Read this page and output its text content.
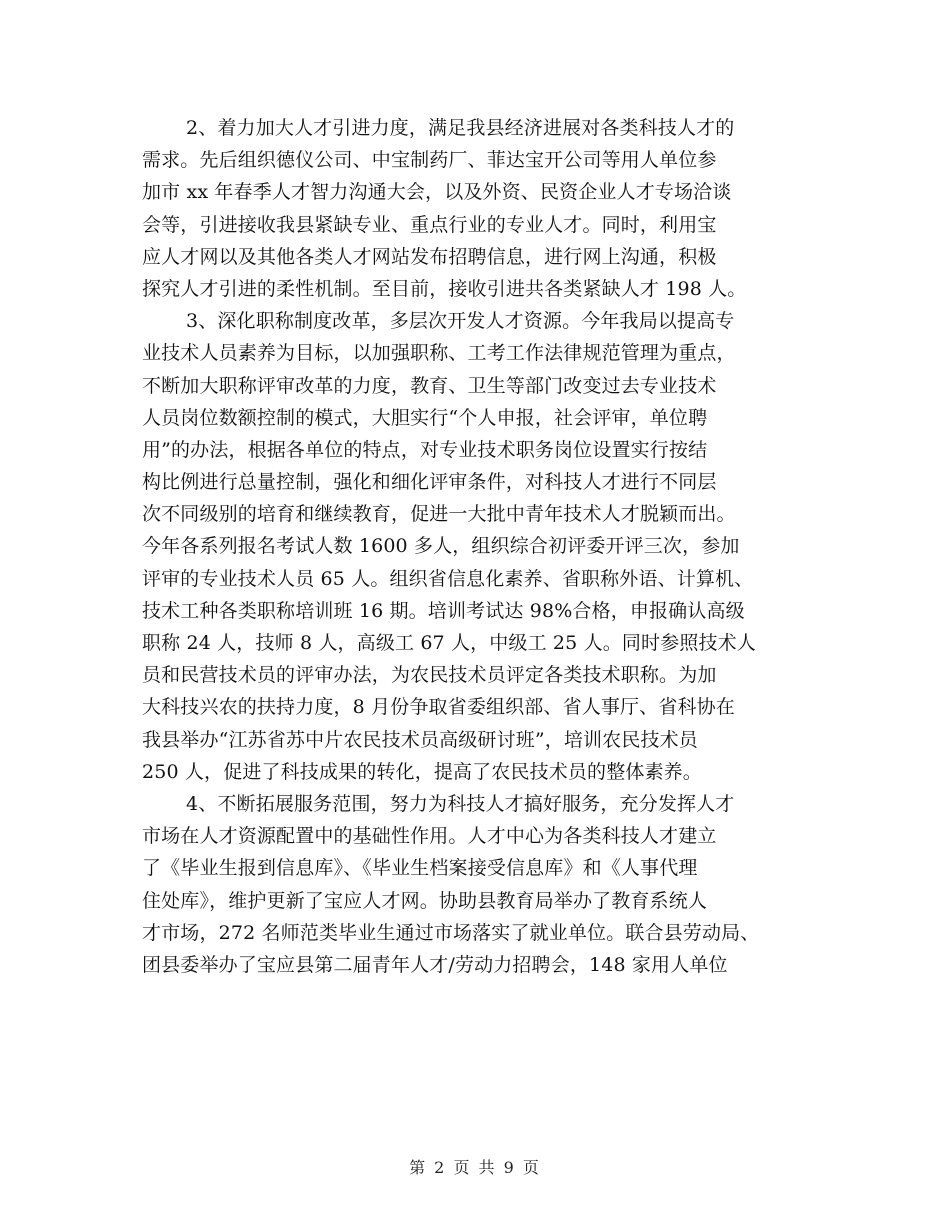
2、着力加大人才引进力度，满足我县经济进展对各类科技人才的
需求。先后组织德仪公司、中宝制药厂、菲达宝开公司等用人单位参
加市 xx 年春季人才智力沟通大会，以及外资、民资企业人才专场洽谈
会等，引进接收我县紧缺专业、重点行业的专业人才。同时，利用宝
应人才网以及其他各类人才网站发布招聘信息，进行网上沟通，积极
探究人才引进的柔性机制。至目前，接收引进共各类紧缺人才 198 人。
3、深化职称制度改革，多层次开发人才资源。今年我局以提高专
业技术人员素养为目标，以加强职称、工考工作法律规范管理为重点，
不断加大职称评审改革的力度，教育、卫生等部门改变过去专业技术
人员岗位数额控制的模式，大胆实行“个人申报，社会评审，单位聘
用”的办法，根据各单位的特点，对专业技术职务岗位设置实行按结
构比例进行总量控制，强化和细化评审条件，对科技人才进行不同层
次不同级别的培育和继续教育，促进一大批中青年技术人才脱颖而出。
今年各系列报名考试人数 1600 多人，组织综合初评委开评三次，参加
评审的专业技术人员 65 人。组织省信息化素养、省职称外语、计算机、
技术工种各类职称培训班 16 期。培训考试达 98%合格，申报确认高级
职称 24 人，技师 8 人，高级工 67 人，中级工 25 人。同时参照技术人
员和民营技术员的评审办法，为农民技术员评定各类技术职称。为加
大科技兴农的扶持力度，8 月份争取省委组织部、省人事厅、省科协在
我县举办“江苏省苏中片农民技术员高级研讨班”，培训农民技术员
250 人，促进了科技成果的转化，提高了农民技术员的整体素养。
4、不断拓展服务范围，努力为科技人才搞好服务，充分发挥人才
市场在人才资源配置中的基础性作用。人才中心为各类科技人才建立
了《毕业生报到信息库》、《毕业生档案接受信息库》和《人事代理
住处库》，维护更新了宝应人才网。协助县教育局举办了教育系统人
才市场，272 名师范类毕业生通过市场落实了就业单位。联合县劳动局、
团县委举办了宝应县第二届青年人才/劳动力招聘会，148 家用人单位
第 2 页 共 9 页
